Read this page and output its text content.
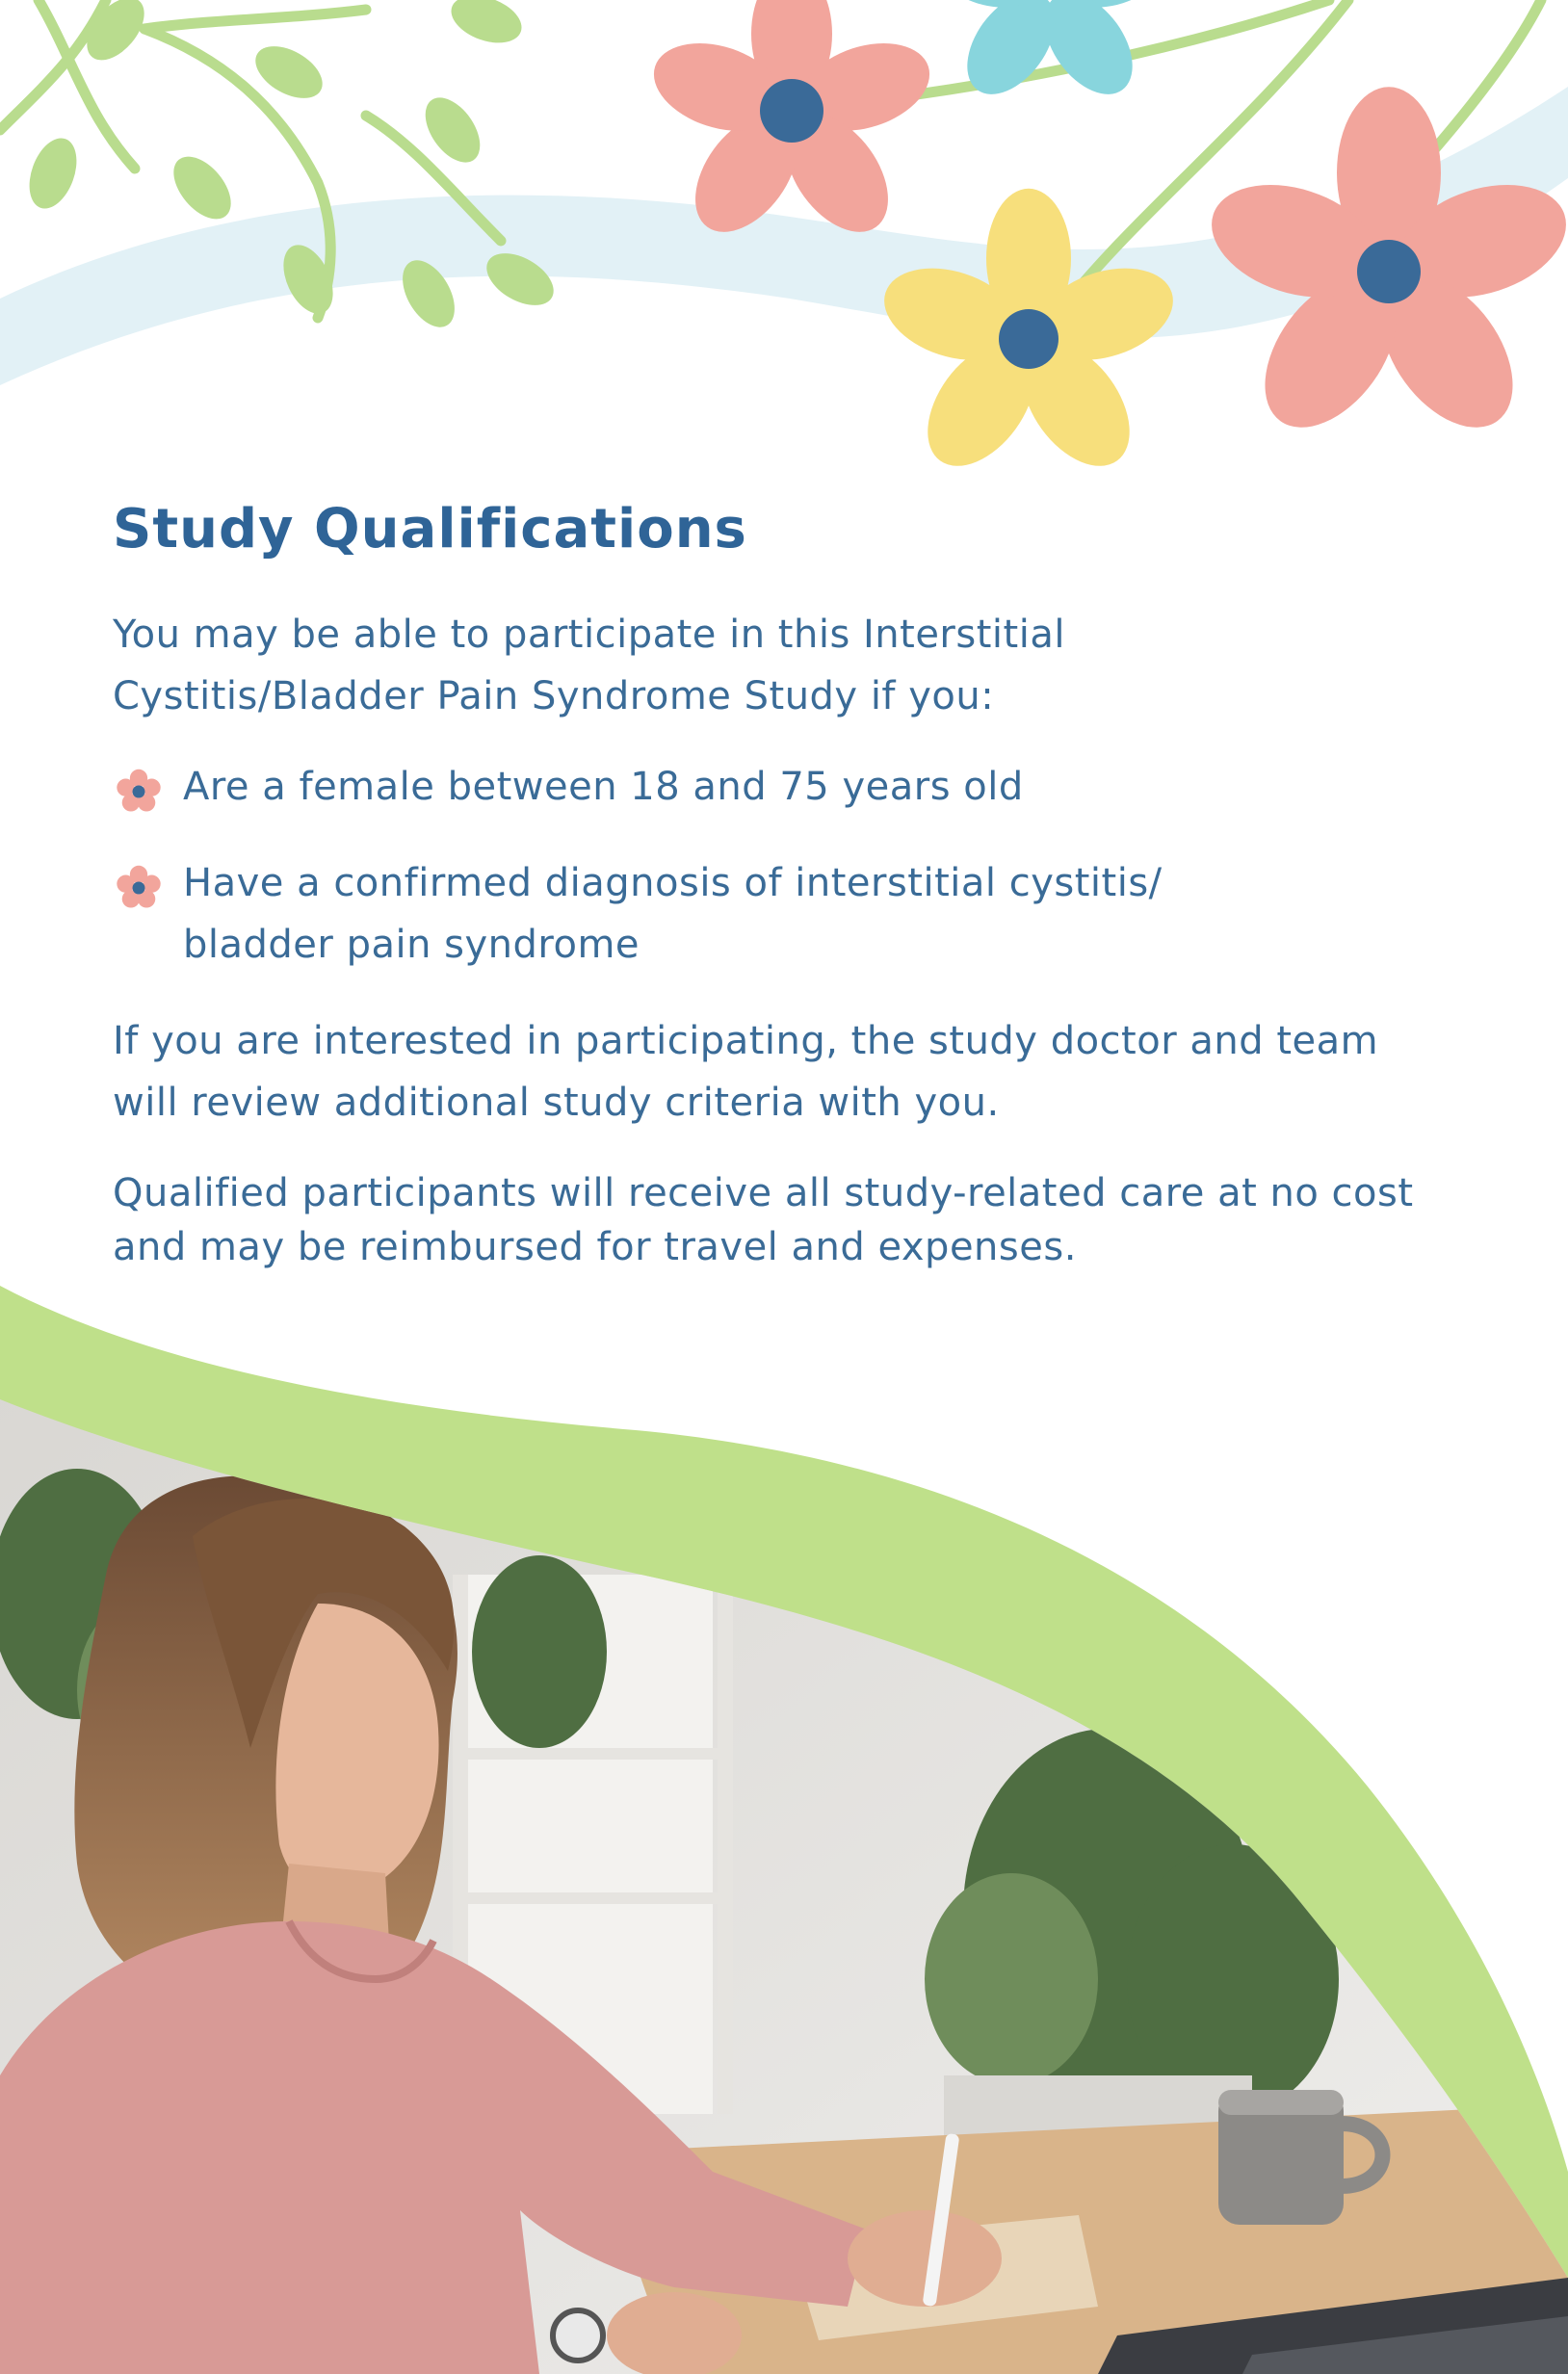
Study Qualifications

You may be able to participate in this Interstitial Cystitis/Bladder Pain Syndrome Study if you:

Are a female between 18 and 75 years old
Have a confirmed diagnosis of interstitial cystitis/
bladder pain syndrome

If you are interested in participating, the study doctor and team will review additional study criteria with you.

Qualified participants will receive all study-related care at no cost and may be reimbursed for travel and expenses.
